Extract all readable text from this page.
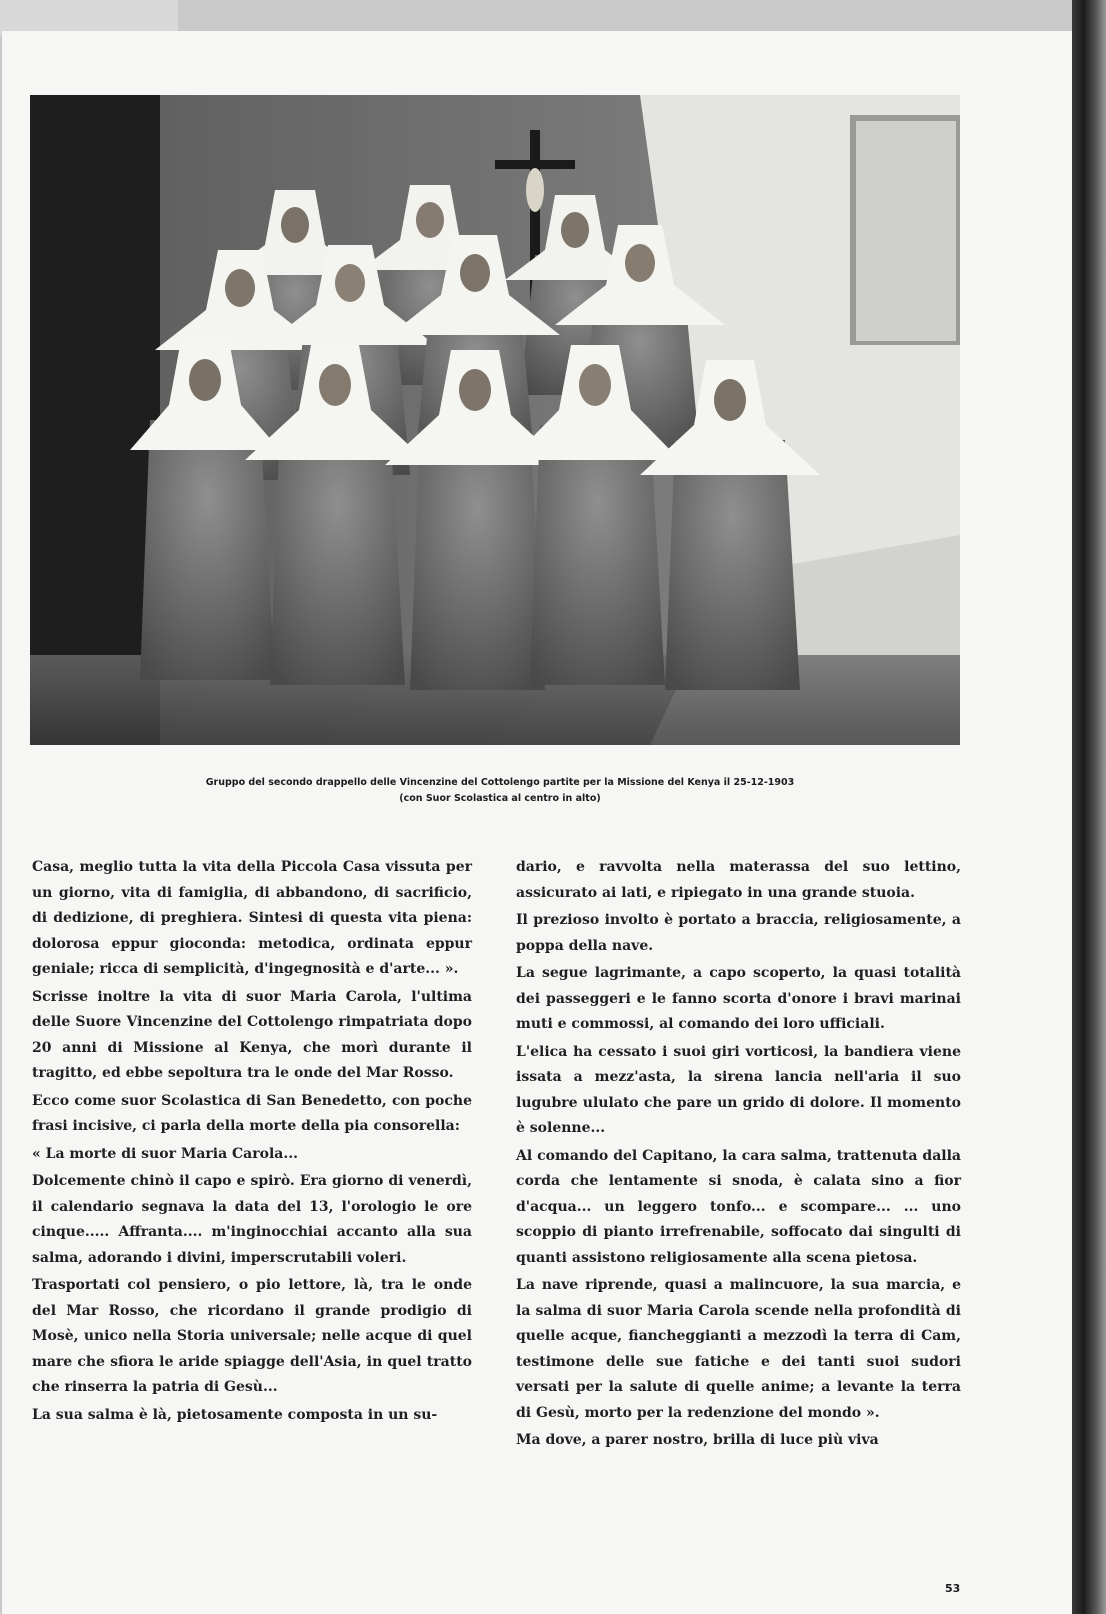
Gruppo del secondo drappello delle Vincenzine del Cottolengo partite per la Missione del Kenya il 25-12-1903
(con Suor Scolastica al centro in alto)

Casa, meglio tutta la vita della Piccola Casa vissuta per un giorno, vita di famiglia, di abbandono, di sacrificio, di dedizione, di preghiera. Sintesi di questa vita piena: dolorosa eppur gioconda: metodica, ordinata eppur geniale; ricca di semplicità, d'ingegnosità e d'arte... ».

Scrisse inoltre la vita di suor Maria Carola, l'ultima delle Suore Vincenzine del Cottolengo rimpatriata dopo 20 anni di Missione al Kenya, che morì durante il tragitto, ed ebbe sepoltura tra le onde del Mar Rosso.

Ecco come suor Scolastica di San Benedetto, con poche frasi incisive, ci parla della morte della pia consorella:

« La morte di suor Maria Carola...

Dolcemente chinò il capo e spirò. Era giorno di venerdì, il calendario segnava la data del 13, l'orologio le ore cinque..... Affranta.... m'inginocchiai accanto alla sua salma, adorando i divini, imperscrutabili voleri.

Trasportati col pensiero, o pio lettore, là, tra le onde del Mar Rosso, che ricordano il grande prodigio di Mosè, unico nella Storia universale; nelle acque di quel mare che sfiora le aride spiagge dell'Asia, in quel tratto che rinserra la patria di Gesù...

La sua salma è là, pietosamente composta in un su-

dario, e ravvolta nella materassa del suo lettino, assicurato ai lati, e ripiegato in una grande stuoia.

Il prezioso involto è portato a braccia, religiosamente, a poppa della nave.

La segue lagrimante, a capo scoperto, la quasi totalità dei passeggeri e le fanno scorta d'onore i bravi marinai muti e commossi, al comando dei loro ufficiali.

L'elica ha cessato i suoi giri vorticosi, la bandiera viene issata a mezz'asta, la sirena lancia nell'aria il suo lugubre ululato che pare un grido di dolore. Il momento è solenne...

Al comando del Capitano, la cara salma, trattenuta dalla corda che lentamente si snoda, è calata sino a fior d'acqua... un leggero tonfo... e scompare... ... uno scoppio di pianto irrefrenabile, soffocato dai singulti di quanti assistono religiosamente alla scena pietosa.

La nave riprende, quasi a malincuore, la sua marcia, e la salma di suor Maria Carola scende nella profondità di quelle acque, fiancheggianti a mezzodì la terra di Cam, testimone delle sue fatiche e dei tanti suoi sudori versati per la salute di quelle anime; a levante la terra di Gesù, morto per la redenzione del mondo ».

Ma dove, a parer nostro, brilla di luce più viva

53
